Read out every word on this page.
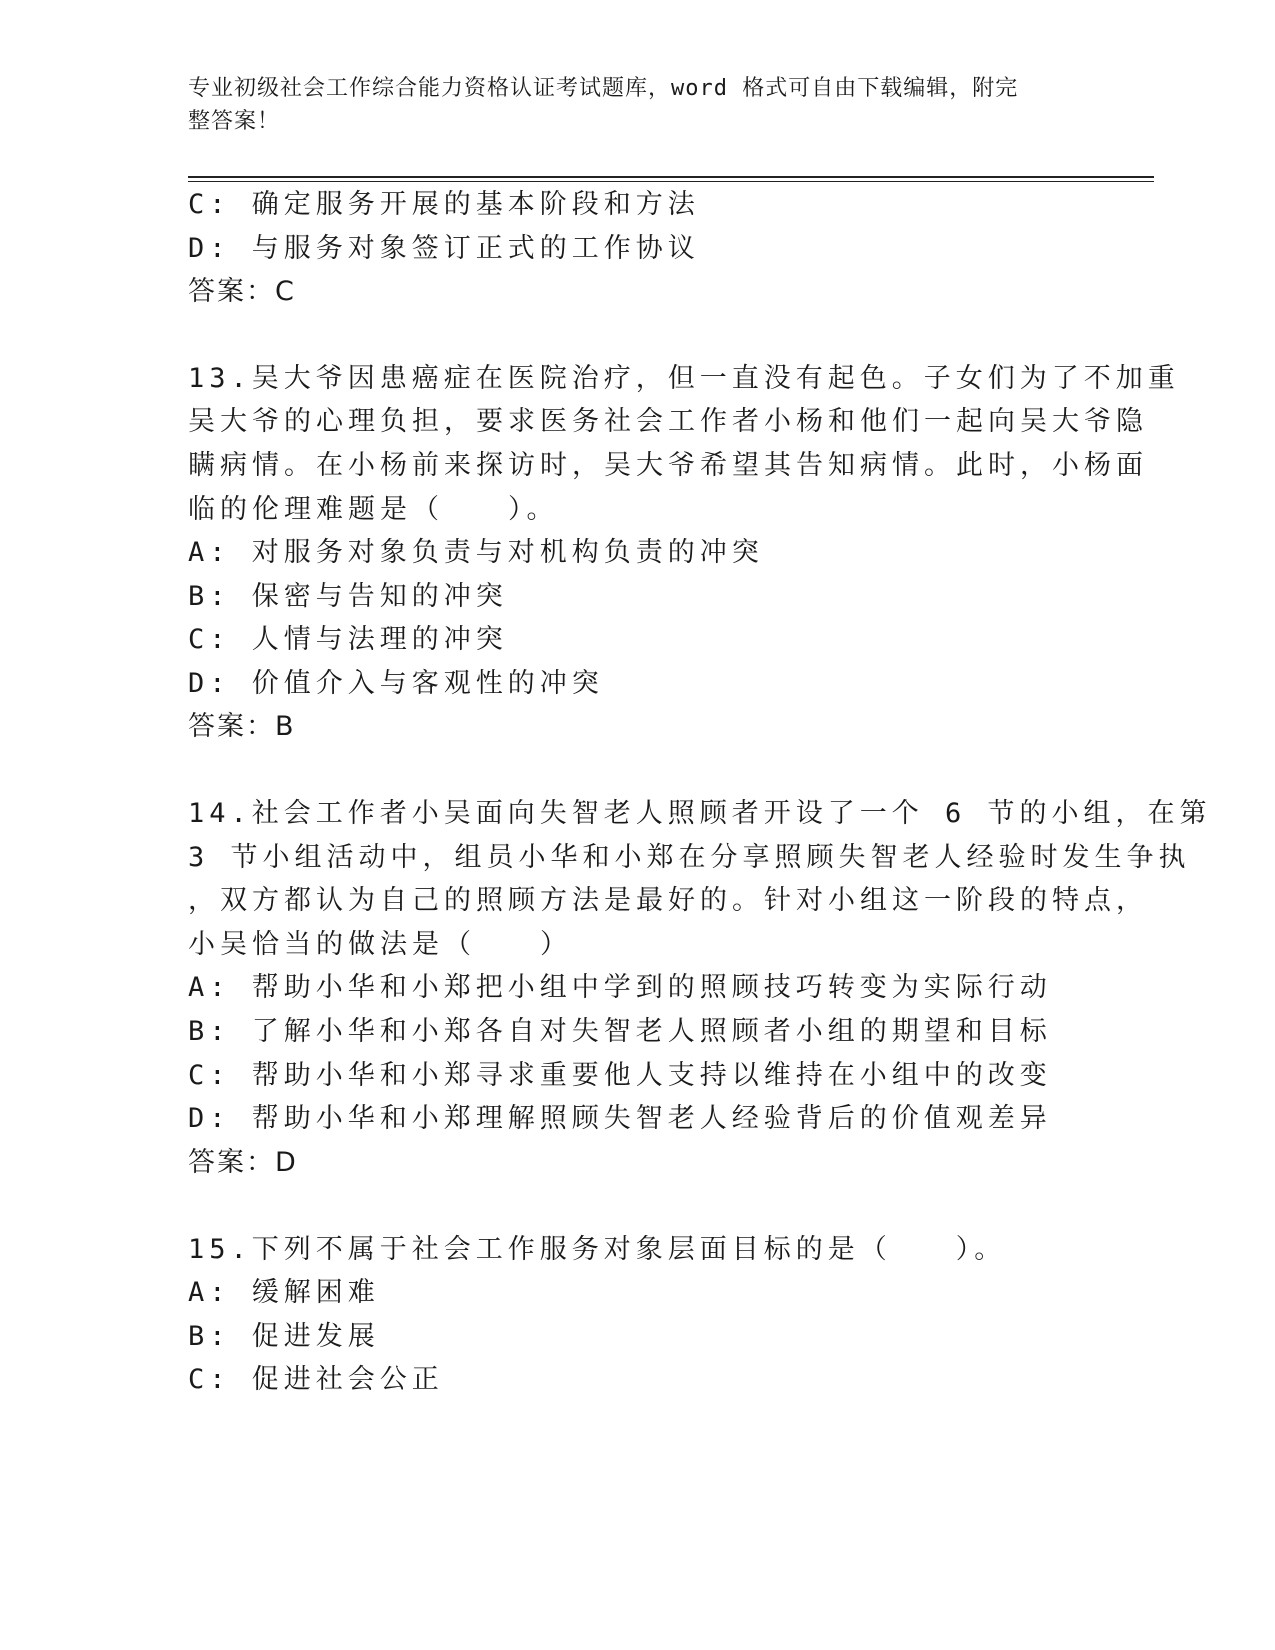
专业初级社会工作综合能力资格认证考试题库，word 格式可自由下载编辑，附完
整答案！
C: 确定服务开展的基本阶段和方法
D: 与服务对象签订正式的工作协议
答案：C
13.吴大爷因患癌症在医院治疗，但一直没有起色。子女们为了不加重
吴大爷的心理负担，要求医务社会工作者小杨和他们一起向吴大爷隐
瞒病情。在小杨前来探访时，吴大爷希望其告知病情。此时，小杨面
临的伦理难题是（　　）。
A: 对服务对象负责与对机构负责的冲突
B: 保密与告知的冲突
C: 人情与法理的冲突
D: 价值介入与客观性的冲突
答案：B
14.社会工作者小吴面向失智老人照顾者开设了一个 6 节的小组，在第
3 节小组活动中，组员小华和小郑在分享照顾失智老人经验时发生争执
，双方都认为自己的照顾方法是最好的。针对小组这一阶段的特点，
小吴恰当的做法是（　　）
A: 帮助小华和小郑把小组中学到的照顾技巧转变为实际行动
B: 了解小华和小郑各自对失智老人照顾者小组的期望和目标
C: 帮助小华和小郑寻求重要他人支持以维持在小组中的改变
D: 帮助小华和小郑理解照顾失智老人经验背后的价值观差异
答案：D
15.下列不属于社会工作服务对象层面目标的是（　　）。
A: 缓解困难
B: 促进发展
C: 促进社会公正
